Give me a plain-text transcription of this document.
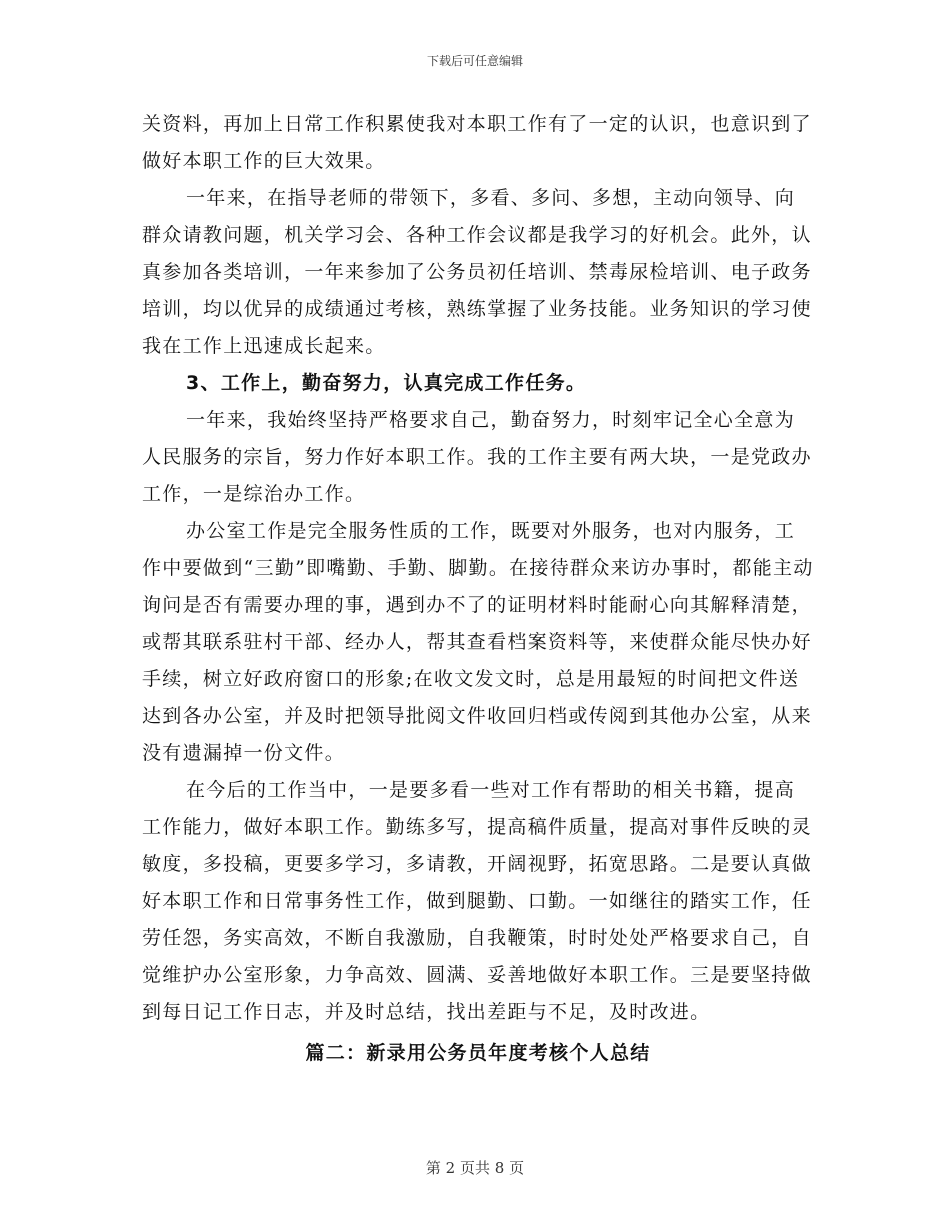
下载后可任意编辑

关资料，再加上日常工作积累使我对本职工作有了一定的认识，也意识到了做好本职工作的巨大效果。

一年来，在指导老师的带领下，多看、多问、多想，主动向领导、向群众请教问题，机关学习会、各种工作会议都是我学习的好机会。此外，认真参加各类培训，一年来参加了公务员初任培训、禁毒尿检培训、电子政务培训，均以优异的成绩通过考核，熟练掌握了业务技能。业务知识的学习使我在工作上迅速成长起来。

3、工作上，勤奋努力，认真完成工作任务。

一年来，我始终坚持严格要求自己，勤奋努力，时刻牢记全心全意为人民服务的宗旨，努力作好本职工作。我的工作主要有两大块，一是党政办工作，一是综治办工作。

办公室工作是完全服务性质的工作，既要对外服务，也对内服务，工作中要做到“三勤”即嘴勤、手勤、脚勤。在接待群众来访办事时，都能主动询问是否有需要办理的事，遇到办不了的证明材料时能耐心向其解释清楚，或帮其联系驻村干部、经办人，帮其查看档案资料等，来使群众能尽快办好手续，树立好政府窗口的形象;在收文发文时，总是用最短的时间把文件送达到各办公室，并及时把领导批阅文件收回归档或传阅到其他办公室，从来没有遗漏掉一份文件。

在今后的工作当中，一是要多看一些对工作有帮助的相关书籍，提高工作能力，做好本职工作。勤练多写，提高稿件质量，提高对事件反映的灵敏度，多投稿，更要多学习，多请教，开阔视野，拓宽思路。二是要认真做好本职工作和日常事务性工作，做到腿勤、口勤。一如继往的踏实工作，任劳任怨，务实高效，不断自我激励，自我鞭策，时时处处严格要求自己，自觉维护办公室形象，力争高效、圆满、妥善地做好本职工作。三是要坚持做到每日记工作日志，并及时总结，找出差距与不足，及时改进。

篇二：新录用公务员年度考核个人总结

第 2 页共 8 页
